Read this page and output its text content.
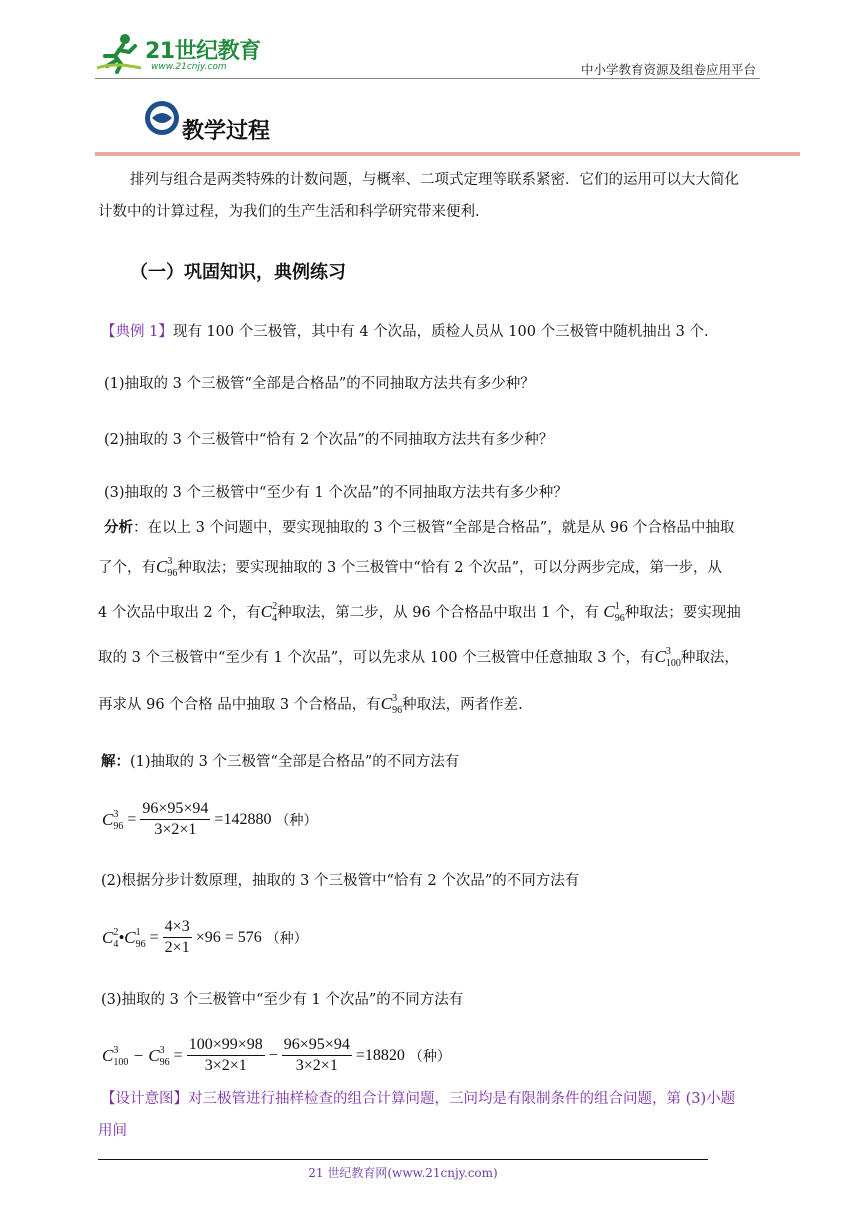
21世纪教育
www.21cnjy.com	中小学教育资源及组卷应用平台
教学过程
排列与组合是两类特殊的计数问题，与概率、二项式定理等联系紧密．它们的运用可以大大简化
计数中的计算过程，为我们的生产生活和科学研究带来便利.
（一）巩固知识，典例练习
【典例 1】现有 100 个三极管，其中有 4 个次品，质检人员从 100 个三极管中随机抽出 3 个.
(1)抽取的 3 个三极管“全部是合格品”的不同抽取方法共有多少种？
(2)抽取的 3 个三极管中“恰有 2 个次品”的不同抽取方法共有多少种？
(3)抽取的 3 个三极管中“至少有 1 个次品”的不同抽取方法共有多少种？
分析：在以上 3 个问题中，要实现抽取的 3 个三极管“全部是合格品”，就是从 96 个合格品中抽取
了个，有$C^3_{96}$种取法；要实现抽取的 3 个三极管中“恰有 2 个次品”，可以分两步完成，第一步，从
4 个次品中取出 2 个，有$C^2_4$种取法，第二步，从 96 个合格品中取出 1 个，有 $C^1_{96}$种取法；要实现抽
取的 3 个三极管中“至少有 1 个次品”，可以先求从 100 个三极管中任意抽取 3 个，有$C^3_{100}$种取法，
再求从 96 个合格 品中抽取 3 个合格品，有$C^3_{96}$种取法，两者作差.
解：(1)抽取的 3 个三极管“全部是合格品”的不同方法有
$C^3_{96} = \frac{96\times 95\times 94}{3\times 2\times 1} =142880$ （种）
(2)根据分步计数原理，抽取的 3 个三极管中“恰有 2 个次品”的不同方法有
$C^2_4•C^1_{96} = \frac{4\times 3}{2\times 1} \times 96 = 576$ （种）
(3)抽取的 3 个三极管中“至少有 1 个次品”的不同方法有
$C^3_{100} - C^3_{96} = \frac{100\times 99\times 98}{3\times 2\times 1} - \frac{96\times 95\times 94}{3\times 2\times 1} =18820$ （种）
【设计意图】对三极管进行抽样检查的组合计算问题，三问均是有限制条件的组合问题，第 (3)小题
用间
21 世纪教育网(www.21cnjy.com)
